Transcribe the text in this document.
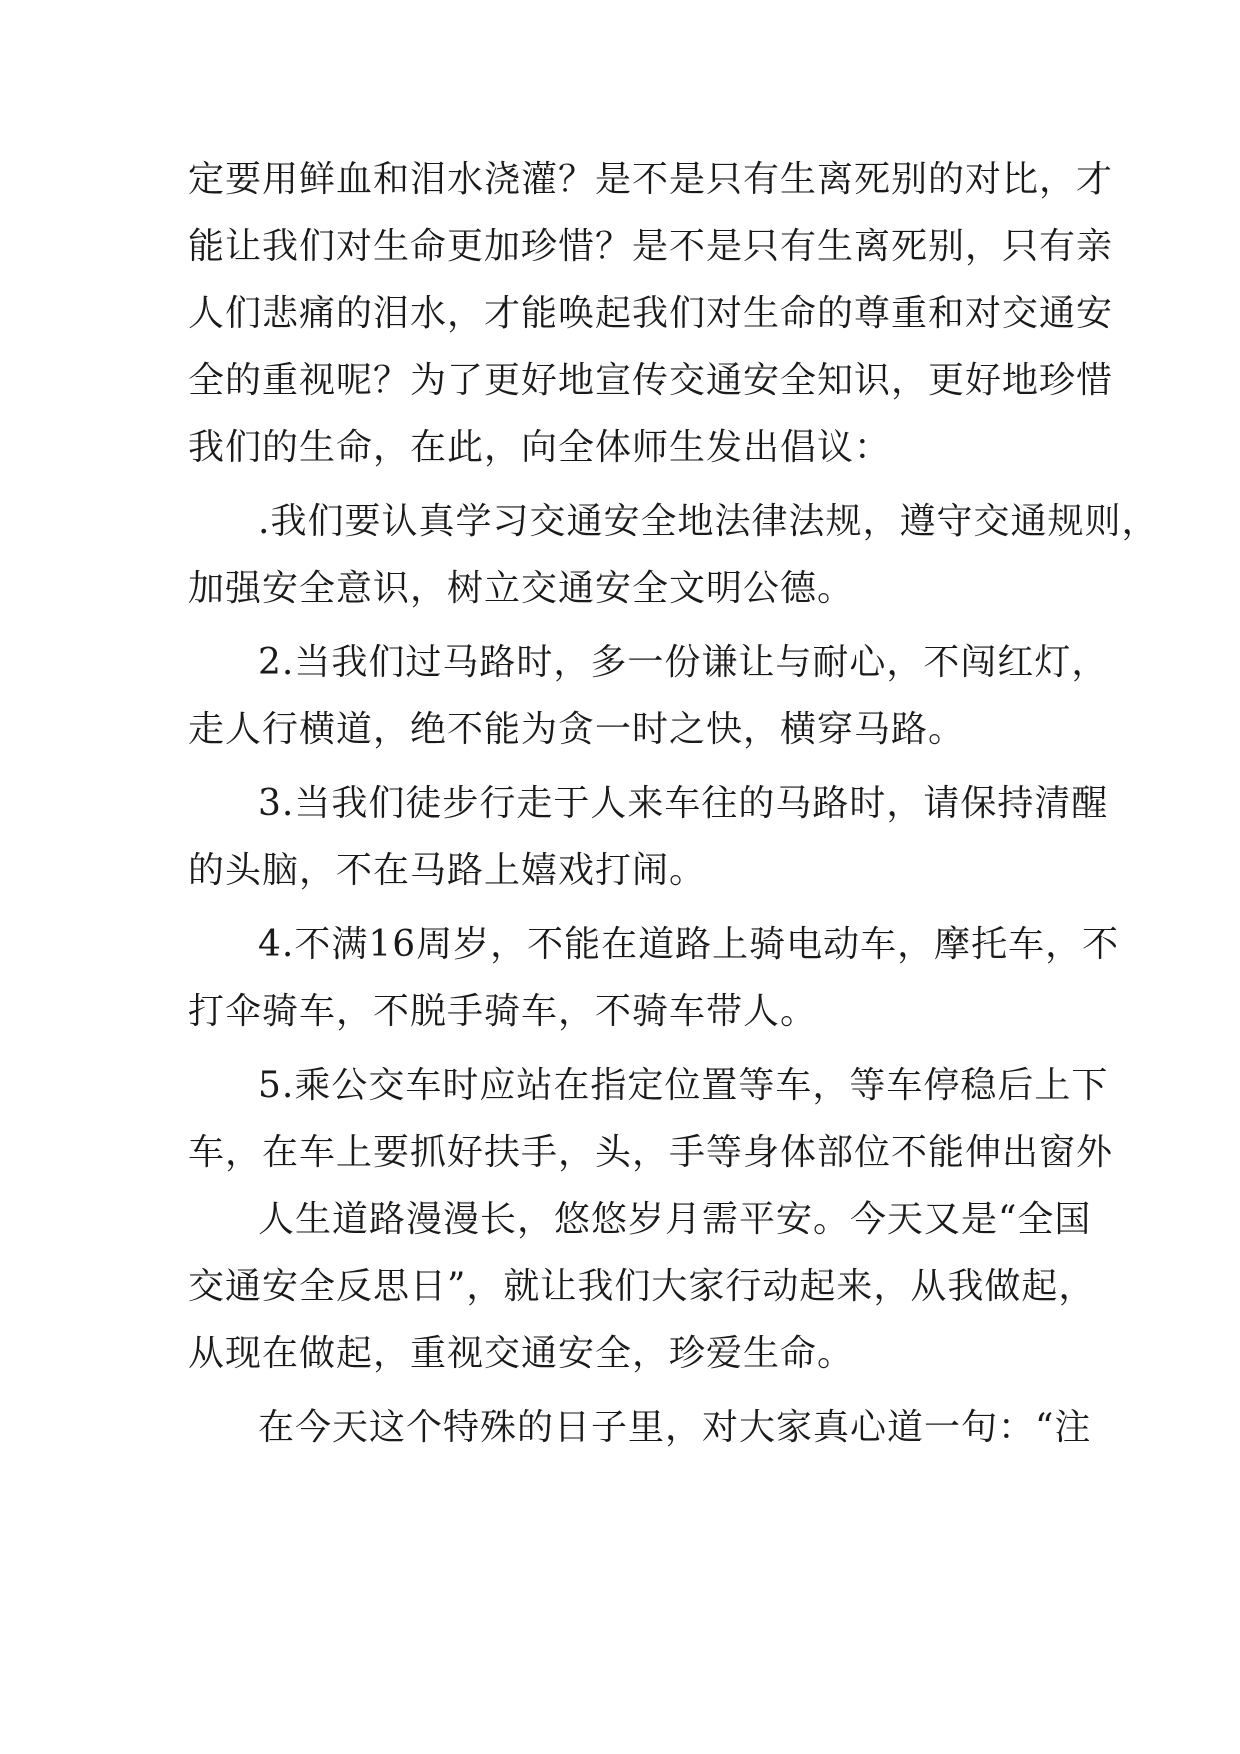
定要用鲜血和泪水浇灌？是不是只有生离死别的对比，才

能让我们对生命更加珍惜？是不是只有生离死别，只有亲

人们悲痛的泪水，才能唤起我们对生命的尊重和对交通安

全的重视呢？为了更好地宣传交通安全知识，更好地珍惜

我们的生命，在此，向全体师生发出倡议：

.我们要认真学习交通安全地法律法规，遵守交通规则，

加强安全意识，树立交通安全文明公德。

2.当我们过马路时，多一份谦让与耐心，不闯红灯，

走人行横道，绝不能为贪一时之快，横穿马路。

3.当我们徒步行走于人来车往的马路时，请保持清醒

的头脑，不在马路上嬉戏打闹。

4.不满16周岁，不能在道路上骑电动车，摩托车，不

打伞骑车，不脱手骑车，不骑车带人。

5.乘公交车时应站在指定位置等车，等车停稳后上下

车，在车上要抓好扶手，头，手等身体部位不能伸出窗外

人生道路漫漫长，悠悠岁月需平安。今天又是“全国

交通安全反思日”，就让我们大家行动起来，从我做起，

从现在做起，重视交通安全，珍爱生命。

在今天这个特殊的日子里，对大家真心道一句：“注
